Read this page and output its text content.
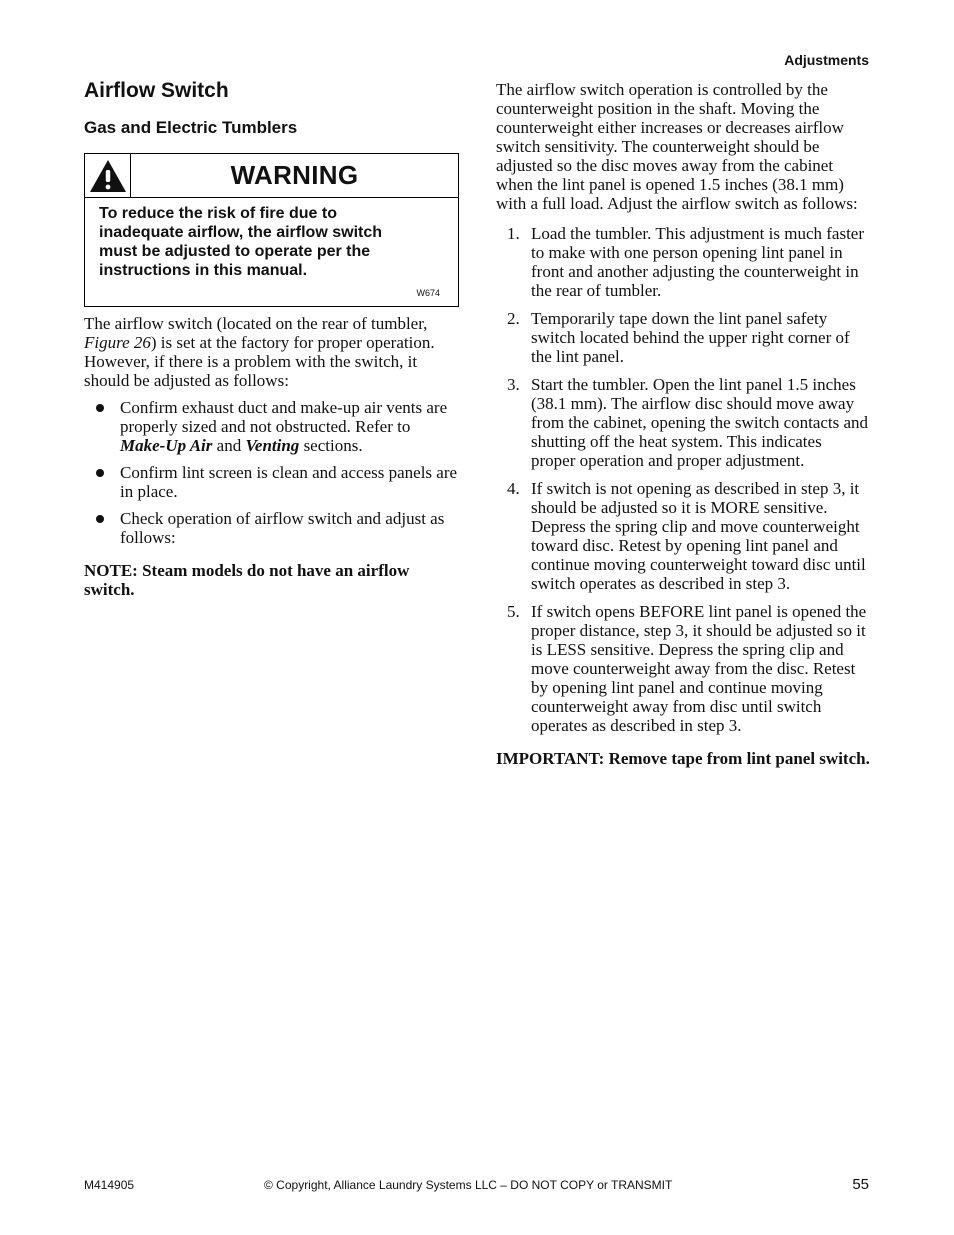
Adjustments
Airflow Switch
Gas and Electric Tumblers
WARNING

To reduce the risk of fire due to inadequate airflow, the airflow switch must be adjusted to operate per the instructions in this manual.

W674

The airflow switch (located on the rear of tumbler, Figure 26) is set at the factory for proper operation. However, if there is a problem with the switch, it should be adjusted as follows:

Confirm exhaust duct and make-up air vents are properly sized and not obstructed. Refer to Make-Up Air and Venting sections.
Confirm lint screen is clean and access panels are in place.
Check operation of airflow switch and adjust as follows:

NOTE: Steam models do not have an airflow switch.

The airflow switch operation is controlled by the counterweight position in the shaft. Moving the counterweight either increases or decreases airflow switch sensitivity. The counterweight should be adjusted so the disc moves away from the cabinet when the lint panel is opened 1.5 inches (38.1 mm) with a full load. Adjust the airflow switch as follows:

1. Load the tumbler. This adjustment is much faster to make with one person opening lint panel in front and another adjusting the counterweight in the rear of tumbler.
2. Temporarily tape down the lint panel safety switch located behind the upper right corner of the lint panel.
3. Start the tumbler. Open the lint panel 1.5 inches (38.1 mm). The airflow disc should move away from the cabinet, opening the switch contacts and shutting off the heat system. This indicates proper operation and proper adjustment.
4. If switch is not opening as described in step 3, it should be adjusted so it is MORE sensitive. Depress the spring clip and move counterweight toward disc. Retest by opening lint panel and continue moving counterweight toward disc until switch operates as described in step 3.
5. If switch opens BEFORE lint panel is opened the proper distance, step 3, it should be adjusted so it is LESS sensitive. Depress the spring clip and move counterweight away from the disc. Retest by opening lint panel and continue moving counterweight away from disc until switch operates as described in step 3.

IMPORTANT: Remove tape from lint panel switch.

M414905	© Copyright, Alliance Laundry Systems LLC – DO NOT COPY or TRANSMIT	55
